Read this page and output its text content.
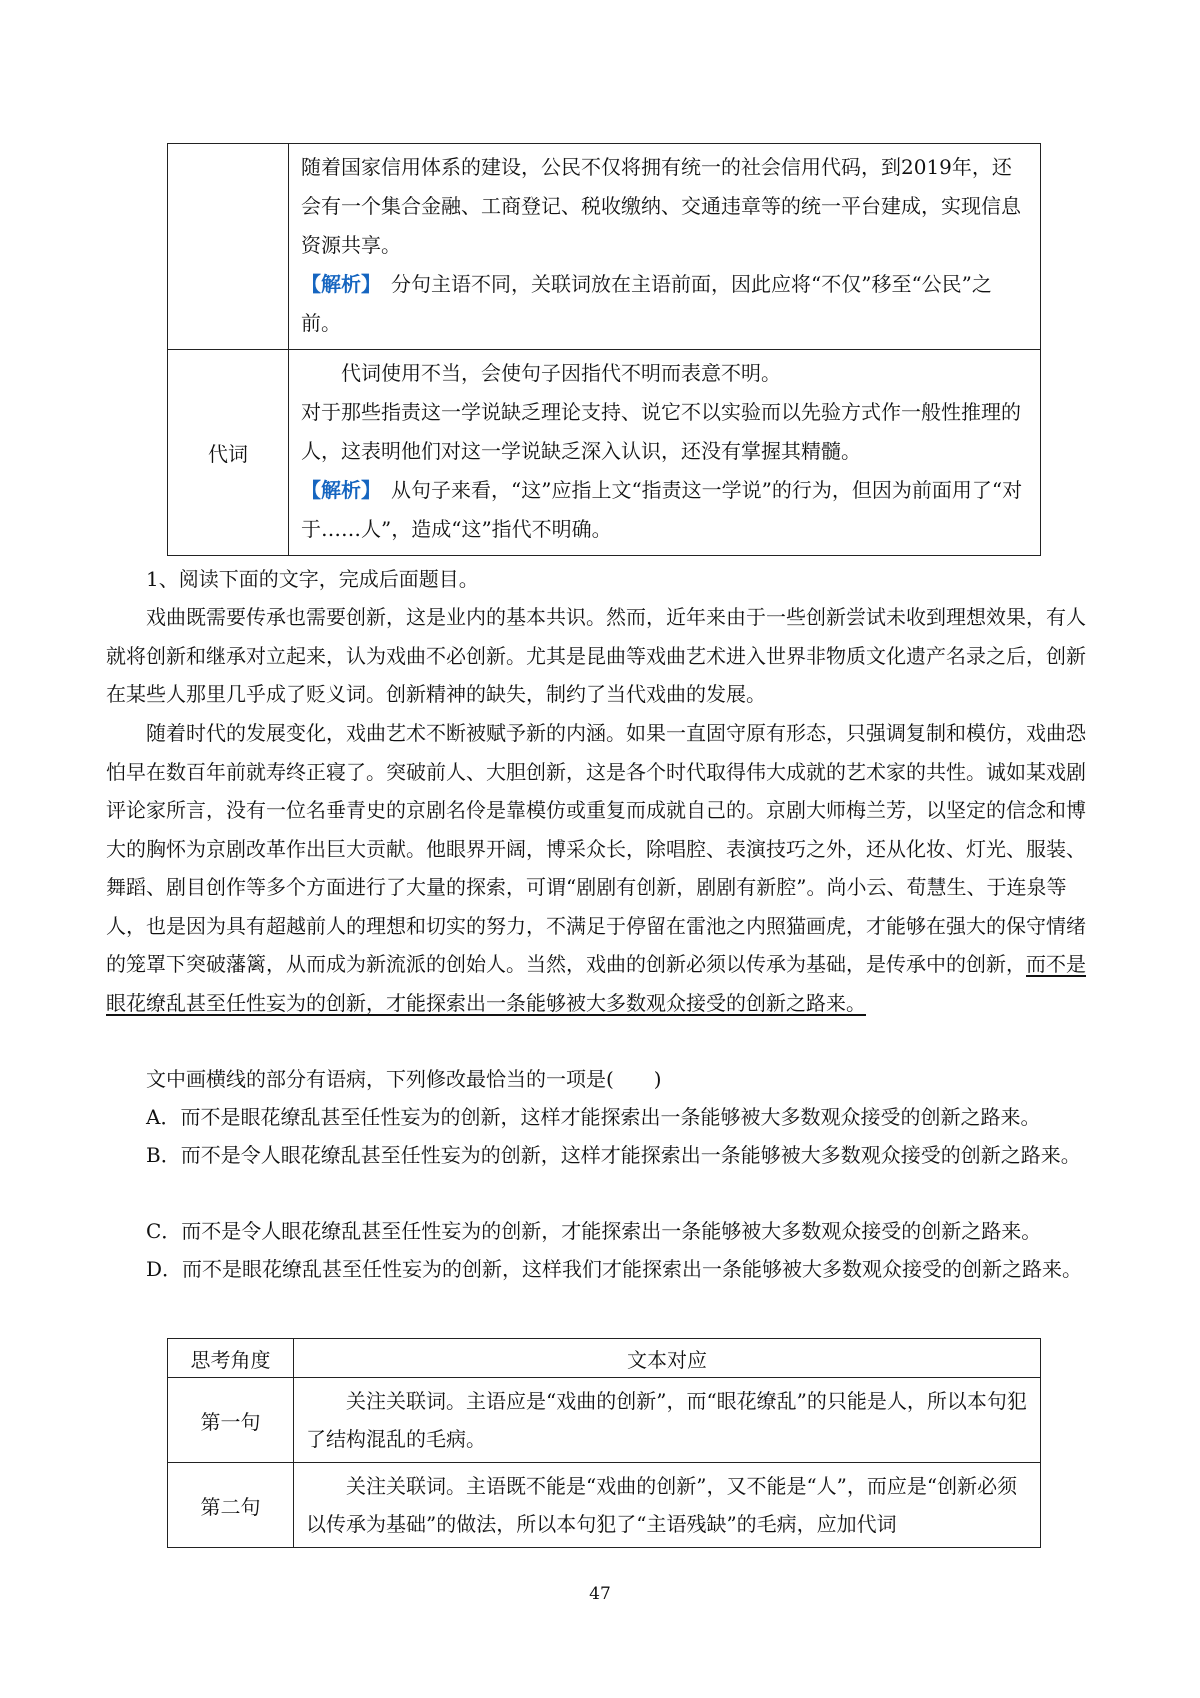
	随着国家信用体系的建设，公民不仅将拥有统一的社会信用代码，到2019年，还会有一个集合金融、工商登记、税收缴纳、交通违章等的统一平台建成，实现信息资源共享。
【解析】　分句主语不同，关联词放在主语前面，因此应将“不仅”移至“公民”之前。

代词	代词使用不当，会使句子因指代不明而表意不明。
对于那些指责这一学说缺乏理论支持、说它不以实验而以先验方式作一般性推理的人，这表明他们对这一学说缺乏深入认识，还没有掌握其精髓。
【解析】　从句子来看，“这”应指上文“指责这一学说”的行为，但因为前面用了“对于……人”，造成“这”指代不明确。
1、阅读下面的文字，完成后面题目。
戏曲既需要传承也需要创新，这是业内的基本共识。然而，近年来由于一些创新尝试未收到理想效果，有人就将创新和继承对立起来，认为戏曲不必创新。尤其是昆曲等戏曲艺术进入世界非物质文化遗产名录之后，创新在某些人那里几乎成了贬义词。创新精神的缺失，制约了当代戏曲的发展。
随着时代的发展变化，戏曲艺术不断被赋予新的内涵。如果一直固守原有形态，只强调复制和模仿，戏曲恐怕早在数百年前就寿终正寝了。突破前人、大胆创新，这是各个时代取得伟大成就的艺术家的共性。诚如某戏剧评论家所言，没有一位名垂青史的京剧名伶是靠模仿或重复而成就自己的。京剧大师梅兰芳，以坚定的信念和博大的胸怀为京剧改革作出巨大贡献。他眼界开阔，博采众长，除唱腔、表演技巧之外，还从化妆、灯光、服装、舞蹈、剧目创作等多个方面进行了大量的探索，可谓“剧剧有创新，剧剧有新腔”。尚小云、荀慧生、于连泉等人，也是因为具有超越前人的理想和切实的努力，不满足于停留在雷池之内照猫画虎，才能够在强大的保守情绪的笼罩下突破藩篱，从而成为新流派的创始人。当然，戏曲的创新必须以传承为基础，是传承中的创新，而不是眼花缭乱甚至任性妄为的创新，才能探索出一条能够被大多数观众接受的创新之路来。
文中画横线的部分有语病，下列修改最恰当的一项是(　　)
A．而不是眼花缭乱甚至任性妄为的创新，这样才能探索出一条能够被大多数观众接受的创新之路来。
B．而不是令人眼花缭乱甚至任性妄为的创新，这样才能探索出一条能够被大多数观众接受的创新之路来。
C．而不是令人眼花缭乱甚至任性妄为的创新，才能探索出一条能够被大多数观众接受的创新之路来。
D．而不是眼花缭乱甚至任性妄为的创新，这样我们才能探索出一条能够被大多数观众接受的创新之路来。
思考角度	文本对应
第一句	关注关联词。主语应是“戏曲的创新”，而“眼花缭乱”的只能是人，所以本句犯了结构混乱的毛病。
第二句	关注关联词。主语既不能是“戏曲的创新”，又不能是“人”，而应是“创新必须以传承为基础”的做法，所以本句犯了“主语残缺”的毛病，应加代词
47
